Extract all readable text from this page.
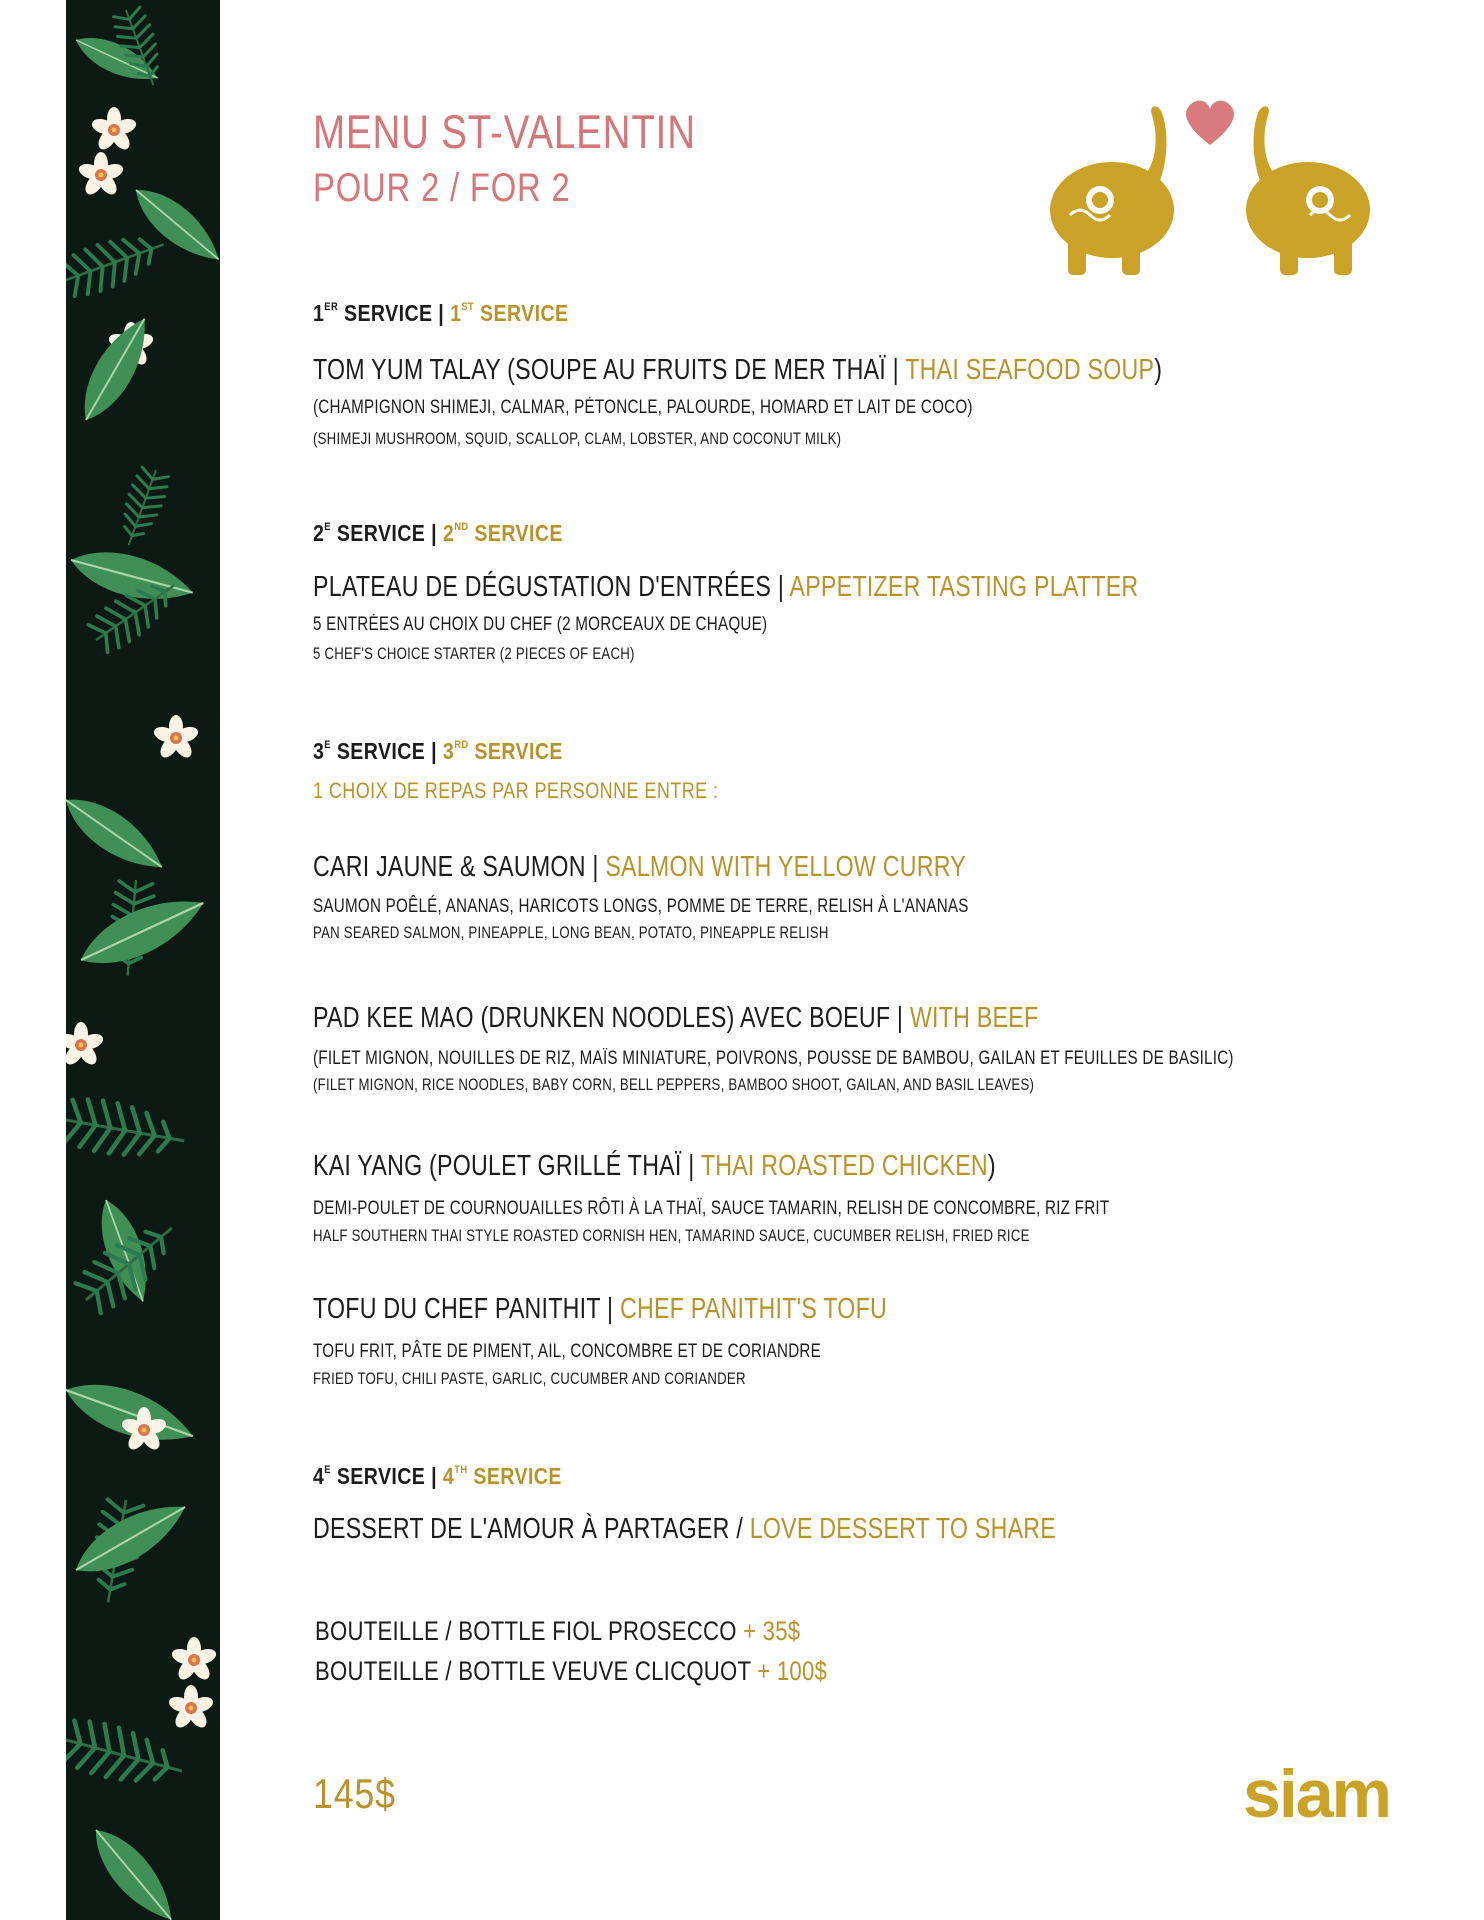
MENU ST-VALENTIN
POUR 2 / FOR 2
1ER SERVICE | 1ST SERVICE
TOM YUM TALAY (SOUPE AU FRUITS DE MER THAÏ | THAI SEAFOOD SOUP)
(CHAMPIGNON SHIMEJI, CALMAR, PÉTONCLE, PALOURDE, HOMARD ET LAIT DE COCO)
(SHIMEJI MUSHROOM, SQUID, SCALLOP, CLAM, LOBSTER, AND COCONUT MILK)
$2^E$ SERVICE | 2ND SERVICE
PLATEAU DE DÉGUSTATION D'ENTRÉES | APPETIZER TASTING PLATTER
5 ENTRÉES AU CHOIX DU CHEF (2 MORCEAUX DE CHAQUE)
5 CHEF'S CHOICE STARTER (2 PIECES OF EACH)
$3^E$ SERVICE | 3RD SERVICE
1 CHOIX DE REPAS PAR PERSONNE ENTRE :
CARI JAUNE & SAUMON | SALMON WITH YELLOW CURRY
SAUMON POÊLÉ, ANANAS, HARICOTS LONGS, POMME DE TERRE, RELISH À L'ANANAS
PAN SEARED SALMON, PINEAPPLE, LONG BEAN, POTATO, PINEAPPLE RELISH
PAD KEE MAO (DRUNKEN NOODLES) AVEC BOEUF | WITH BEEF
(FILET MIGNON, NOUILLES DE RIZ, MAÏS MINIATURE, POIVRONS, POUSSE DE BAMBOU, GAILAN ET FEUILLES DE BASILIC)
(FILET MIGNON, RICE NOODLES, BABY CORN, BELL PEPPERS, BAMBOO SHOOT, GAILAN, AND BASIL LEAVES)
KAI YANG (POULET GRILLÉ THAÏ | THAI ROASTED CHICKEN)
DEMI-POULET DE COURNOUAILLES RÔTI À LA THAÏ, SAUCE TAMARIN, RELISH DE CONCOMBRE, RIZ FRIT
HALF SOUTHERN THAI STYLE ROASTED CORNISH HEN, TAMARIND SAUCE, CUCUMBER RELISH, FRIED RICE
TOFU DU CHEF PANITHIT | CHEF PANITHIT'S TOFU
TOFU FRIT, PÂTE DE PIMENT, AIL, CONCOMBRE ET DE CORIANDRE
FRIED TOFU, CHILI PASTE, GARLIC, CUCUMBER AND CORIANDER
$4^E$ SERVICE | 4TH SERVICE
DESSERT DE L'AMOUR À PARTAGER / LOVE DESSERT TO SHARE
BOUTEILLE / BOTTLE FIOL PROSECCO + 35$
BOUTEILLE / BOTTLE VEUVE CLICQUOT + 100$
145$	siam
